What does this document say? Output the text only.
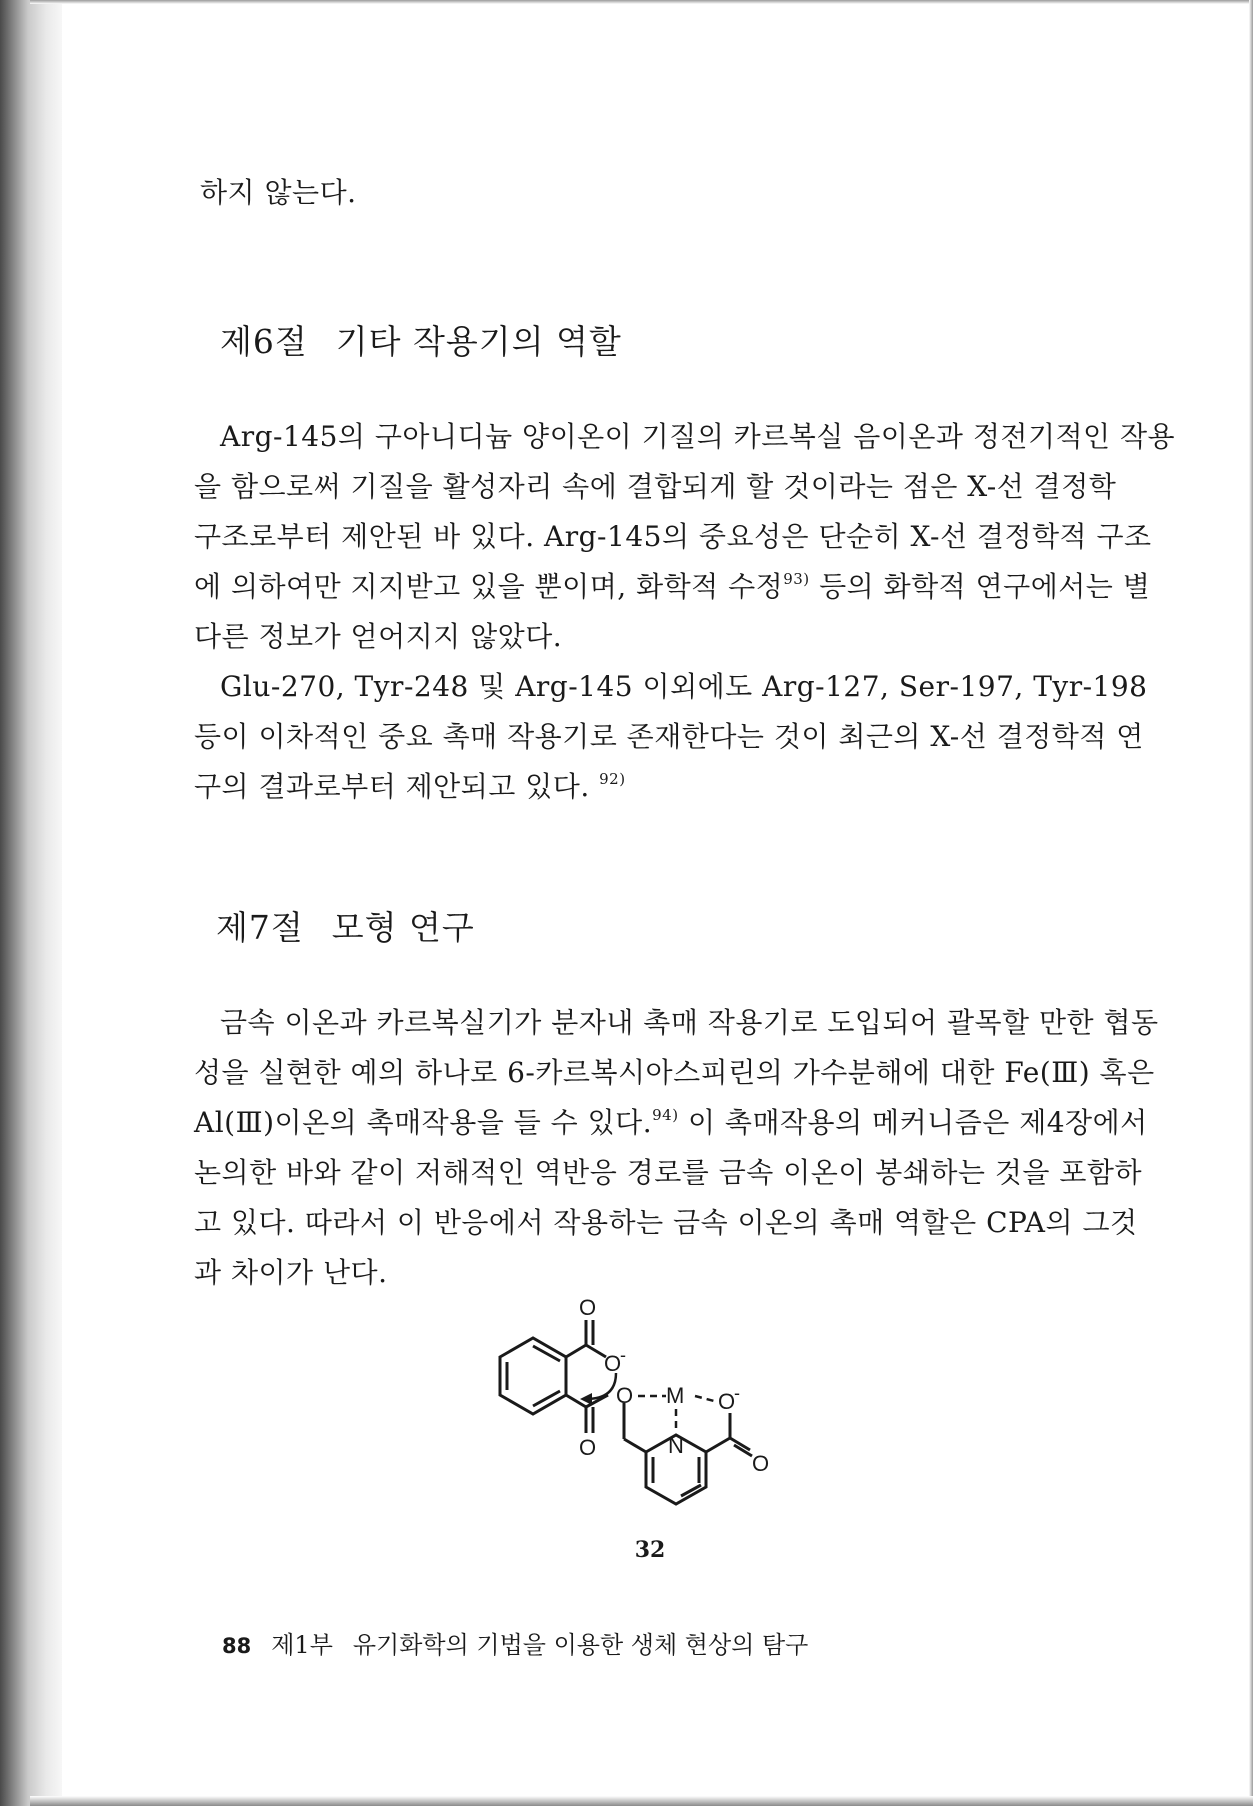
하지 않는다.
제6절 기타 작용기의 역할
Arg-145의 구아니디늄 양이온이 기질의 카르복실 음이온과 정전기적인 작용
을 함으로써 기질을 활성자리 속에 결합되게 할 것이라는 점은 X-선 결정학
구조로부터 제안된 바 있다. Arg-145의 중요성은 단순히 X-선 결정학적 구조
에 의하여만 지지받고 있을 뿐이며, 화학적 수정$^{93)}$ 등의 화학적 연구에서는 별
다른 정보가 얻어지지 않았다.
Glu-270, Tyr-248 및 Arg-145 이외에도 Arg-127, Ser-197, Tyr-198
등이 이차적인 중요 촉매 작용기로 존재한다는 것이 최근의 X-선 결정학적 연
구의 결과로부터 제안되고 있다. $^{92)}$
제7절 모형 연구
금속 이온과 카르복실기가 분자내 촉매 작용기로 도입되어 괄목할 만한 협동
성을 실현한 예의 하나로 6-카르복시아스피린의 가수분해에 대한 Fe(Ⅲ) 혹은
Al(Ⅲ)이온의 촉매작용을 들 수 있다.$^{94)}$ 이 촉매작용의 메커니즘은 제4장에서
논의한 바와 같이 저해적인 역반응 경로를 금속 이온이 봉쇄하는 것을 포함하
고 있다. 따라서 이 반응에서 작용하는 금속 이온의 촉매 역할은 CPA의 그것
과 차이가 난다.
O
O
-
O
O M O
-
N
O
32
88 제1부 유기화학의 기법을 이용한 생체 현상의 탐구
